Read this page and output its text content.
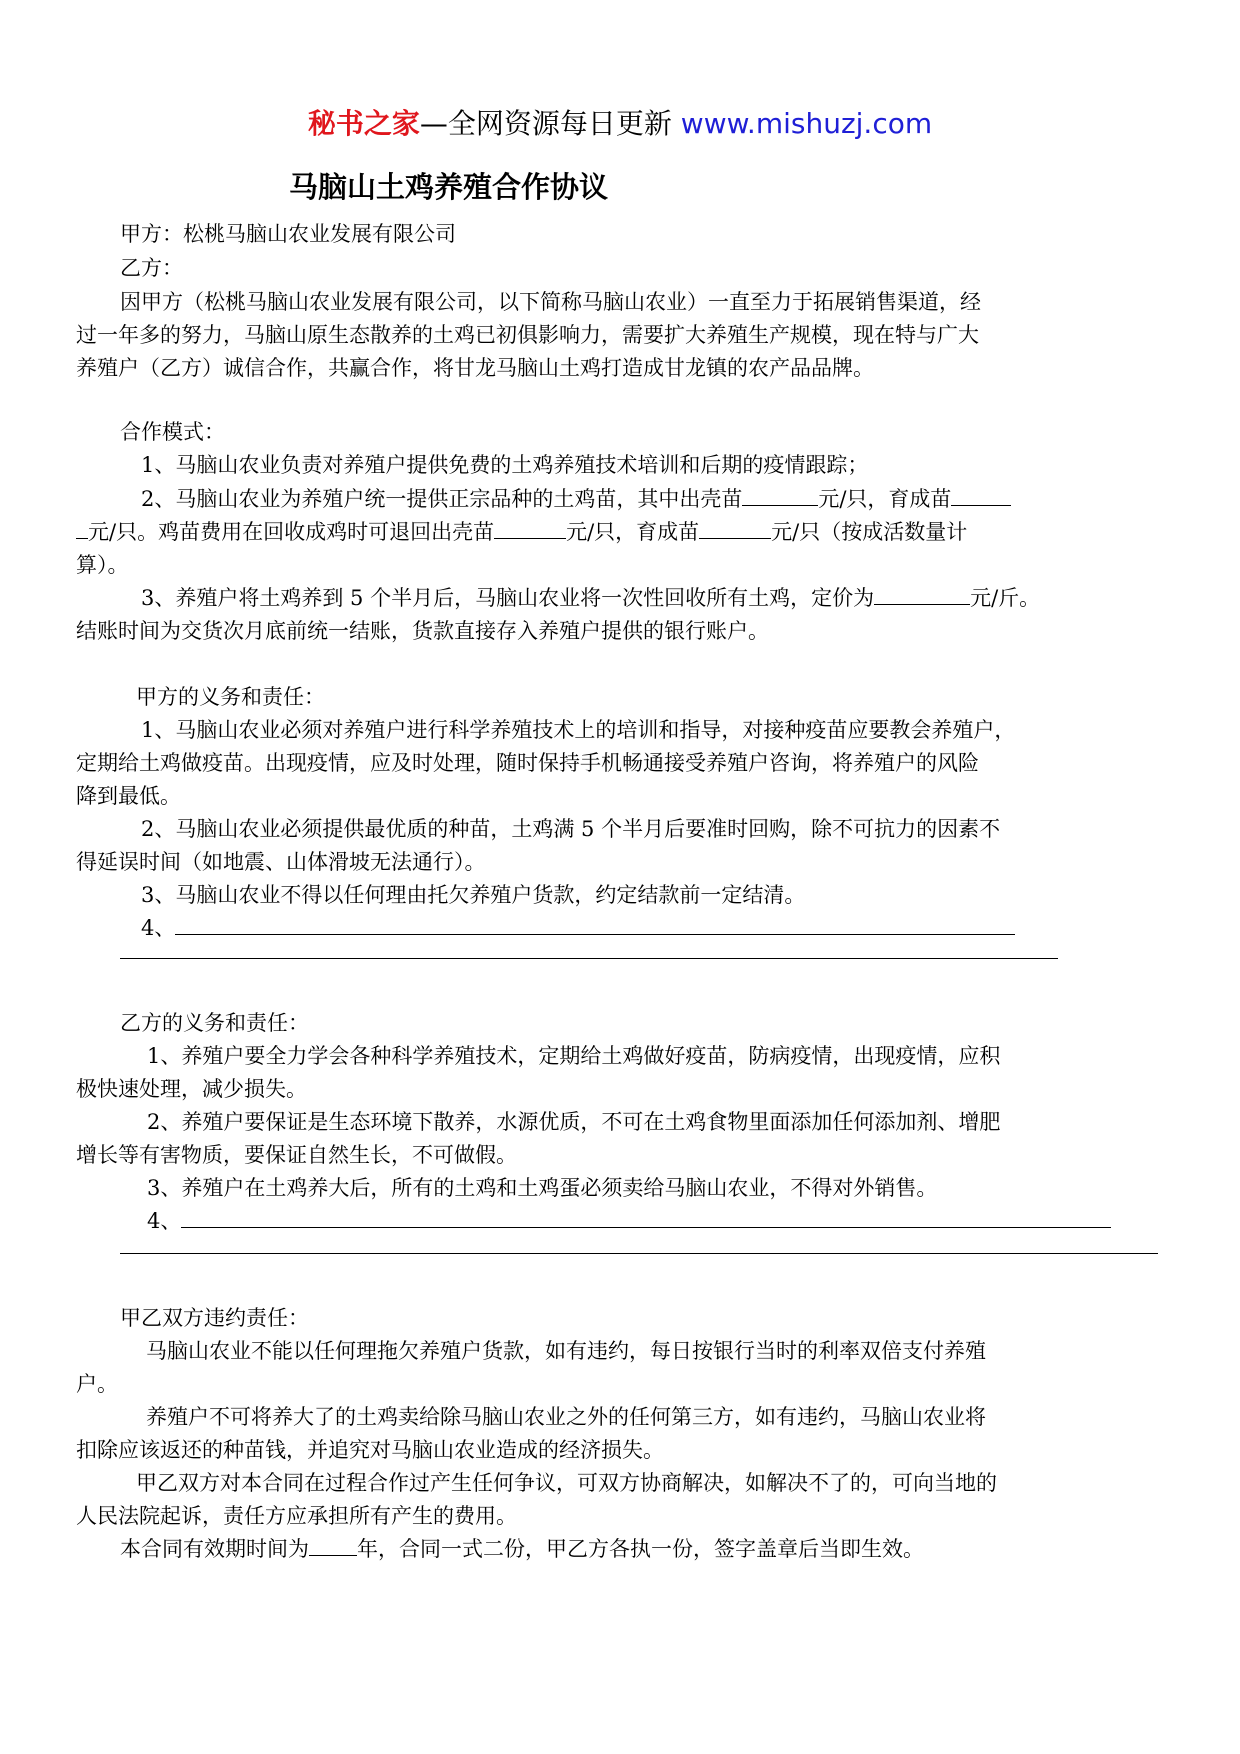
秘书之家—全网资源每日更新 www.mishuzj.com
马脑山土鸡养殖合作协议
甲方：松桃马脑山农业发展有限公司
乙方：
因甲方（松桃马脑山农业发展有限公司，以下简称马脑山农业）一直至力于拓展销售渠道，经
过一年多的努力，马脑山原生态散养的土鸡已初俱影响力，需要扩大养殖生产规模，现在特与广大
养殖户（乙方）诚信合作，共赢合作，将甘龙马脑山土鸡打造成甘龙镇的农产品品牌。
合作模式：
1、马脑山农业负责对养殖户提供免费的土鸡养殖技术培训和后期的疫情跟踪；
2、马脑山农业为养殖户统一提供正宗品种的土鸡苗，其中出壳苗	元/只，育成苗
元/只。鸡苗费用在回收成鸡时可退回出壳苗	元/只，育成苗	元/只（按成活数量计
算）。
3、养殖户将土鸡养到 5 个半月后，马脑山农业将一次性回收所有土鸡，定价为	元/斤。
结账时间为交货次月底前统一结账，货款直接存入养殖户提供的银行账户。
甲方的义务和责任：
1、马脑山农业必须对养殖户进行科学养殖技术上的培训和指导，对接种疫苗应要教会养殖户，
定期给土鸡做疫苗。出现疫情，应及时处理，随时保持手机畅通接受养殖户咨询，将养殖户的风险
降到最低。
2、马脑山农业必须提供最优质的种苗，土鸡满 5 个半月后要准时回购，除不可抗力的因素不
得延误时间（如地震、山体滑坡无法通行）。
3、马脑山农业不得以任何理由托欠养殖户货款，约定结款前一定结清。
4、
乙方的义务和责任：
1、养殖户要全力学会各种科学养殖技术，定期给土鸡做好疫苗，防病疫情，出现疫情，应积
极快速处理，减少损失。
2、养殖户要保证是生态环境下散养，水源优质，不可在土鸡食物里面添加任何添加剂、增肥
增长等有害物质，要保证自然生长，不可做假。
3、养殖户在土鸡养大后，所有的土鸡和土鸡蛋必须卖给马脑山农业，不得对外销售。
4、
甲乙双方违约责任：
马脑山农业不能以任何理拖欠养殖户货款，如有违约，每日按银行当时的利率双倍支付养殖
户。
养殖户不可将养大了的土鸡卖给除马脑山农业之外的任何第三方，如有违约，马脑山农业将
扣除应该返还的种苗钱，并追究对马脑山农业造成的经济损失。
甲乙双方对本合同在过程合作过产生任何争议，可双方协商解决，如解决不了的，可向当地的
人民法院起诉，责任方应承担所有产生的费用。
本合同有效期时间为 年，合同一式二份，甲乙方各执一份，签字盖章后当即生效。
